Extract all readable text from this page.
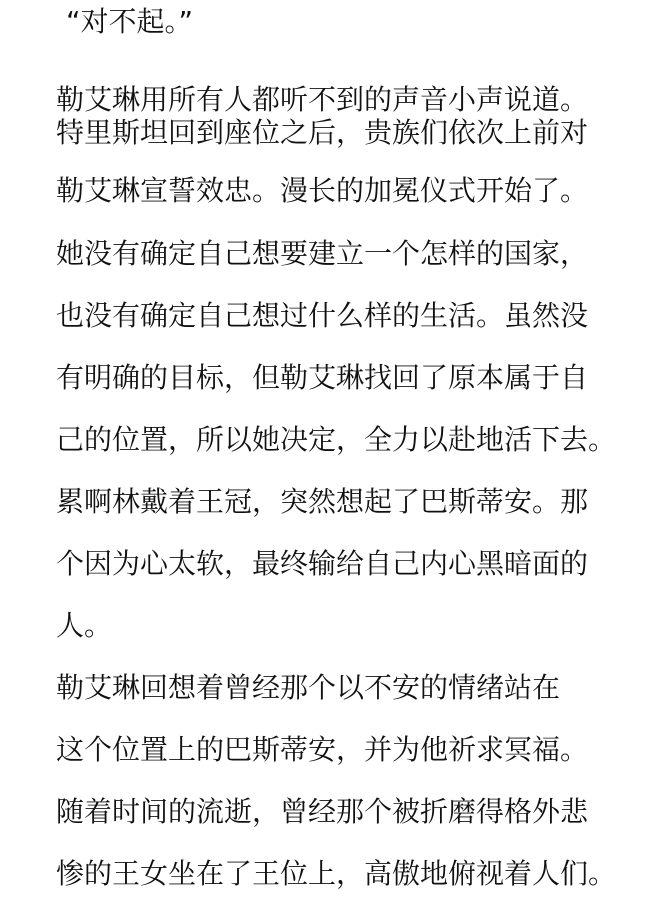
“对不起。”
勒艾琳用所有人都听不到的声音小声说道。
特里斯坦回到座位之后，贵族们依次上前对
勒艾琳宣誓效忠。漫长的加冕仪式开始了。
她没有确定自己想要建立一个怎样的国家，
也没有确定自己想过什么样的生活。虽然没
有明确的目标，但勒艾琳找回了原本属于自
己的位置，所以她决定，全力以赴地活下去。
累啊林戴着王冠，突然想起了巴斯蒂安。那
个因为心太软，最终输给自己内心黑暗面的
人。
勒艾琳回想着曾经那个以不安的情绪站在
这个位置上的巴斯蒂安，并为他祈求冥福。
随着时间的流逝，曾经那个被折磨得格外悲
惨的王女坐在了王位上，高傲地俯视着人们。
